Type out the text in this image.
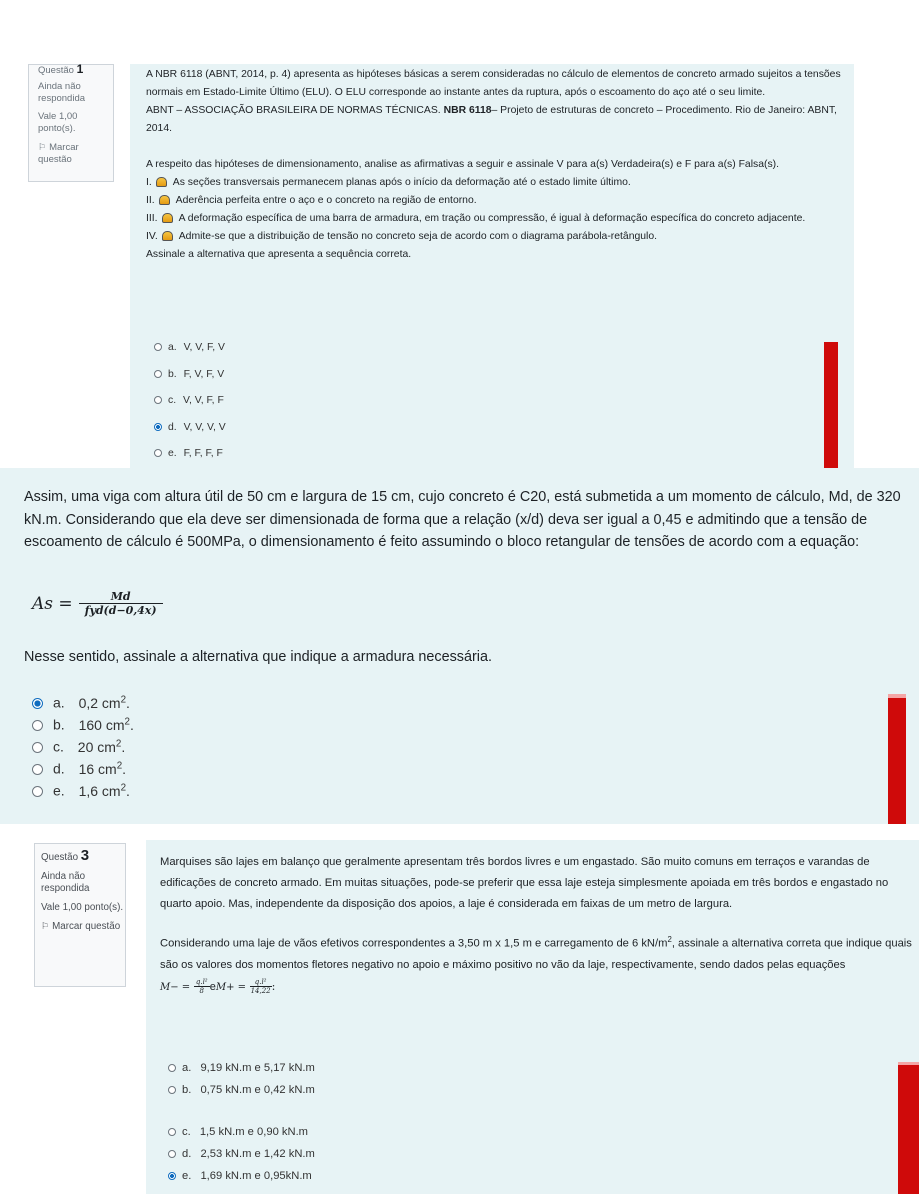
Questão 1
Ainda não respondida
Vale 1,00 ponto(s).
⚐ Marcar questão

A NBR 6118 (ABNT, 2014, p. 4) apresenta as hipóteses básicas a serem consideradas no cálculo de elementos de concreto armado sujeitos a tensões normais em Estado-Limite Último (ELU). O ELU corresponde ao instante antes da ruptura, após o escoamento do aço até o seu limite.

ABNT – ASSOCIAÇÃO BRASILEIRA DE NORMAS TÉCNICAS. NBR 6118– Projeto de estruturas de concreto – Procedimento. Rio de Janeiro: ABNT, 2014.

A respeito das hipóteses de dimensionamento, analise as afirmativas a seguir e assinale V para a(s) Verdadeira(s) e F para a(s) Falsa(s).

I. As seções transversais permanecem planas após o início da deformação até o estado limite último.

II. Aderência perfeita entre o aço e o concreto na região de entorno.

III. A deformação específica de uma barra de armadura, em tração ou compressão, é igual à deformação específica do concreto adjacente.

IV. Admite-se que a distribuição de tensão no concreto seja de acordo com o diagrama parábola-retângulo.

Assinale a alternativa que apresenta a sequência correta.

a. V, V, F, V
b. F, V, F, V
c. V, V, F, F
d. V, V, V, V
e. F, F, F, F
Assim, uma viga com altura útil de 50 cm e largura de 15 cm, cujo concreto é C20, está submetida a um momento de cálculo, Md, de 320 kN.m. Considerando que ela deve ser dimensionada de forma que a relação (x/d) deva ser igual a 0,45 e admitindo que a tensão de escoamento de cálculo é 500MPa, o dimensionamento é feito assumindo o bloco retangular de tensões de acordo com a equação:
As =	Md
fyd(d−0,4x)
Nesse sentido, assinale a alternativa que indique a armadura necessária.
a. 0,2 $cm^2$.
b. 160 $cm^2$.
c. 20 $cm^2$.
d. 16 $cm^2$.
e. 1,6 $cm^2$.
Questão 3
Ainda não respondida
Vale 1,00 ponto(s).
⚐ Marcar questão
Marquises são lajes em balanço que geralmente apresentam três bordos livres e um engastado. São muito comuns em terraços e varandas de edificações de concreto armado. Em muitas situações, pode-se preferir que essa laje esteja simplesmente apoiada em três bordos e engastado no quarto apoio. Mas, independente da disposição dos apoios, a laje é considerada em faixas de um metro de largura.
Considerando uma laje de vãos efetivos correspondentes a 3,50 m x 1,5 m e carregamento de 6 $kN/m^2$, assinale a alternativa correta que indique quais são os valores dos momentos fletores negativo no apoio e máximo positivo no vão da laje, respectivamente, sendo dados pelas equações $M- = \frac{\text{q.l²}}{8} eM+ = \frac{\text{q.l²}}{14,22}$ :
a. 9,19 kN.m e 5,17 kN.m
b. 0,75 kN.m e 0,42 kN.m
c. 1,5 kN.m e 0,90 kN.m
d. 2,53 kN.m e 1,42 kN.m
e. 1,69 kN.m e 0,95kN.m
